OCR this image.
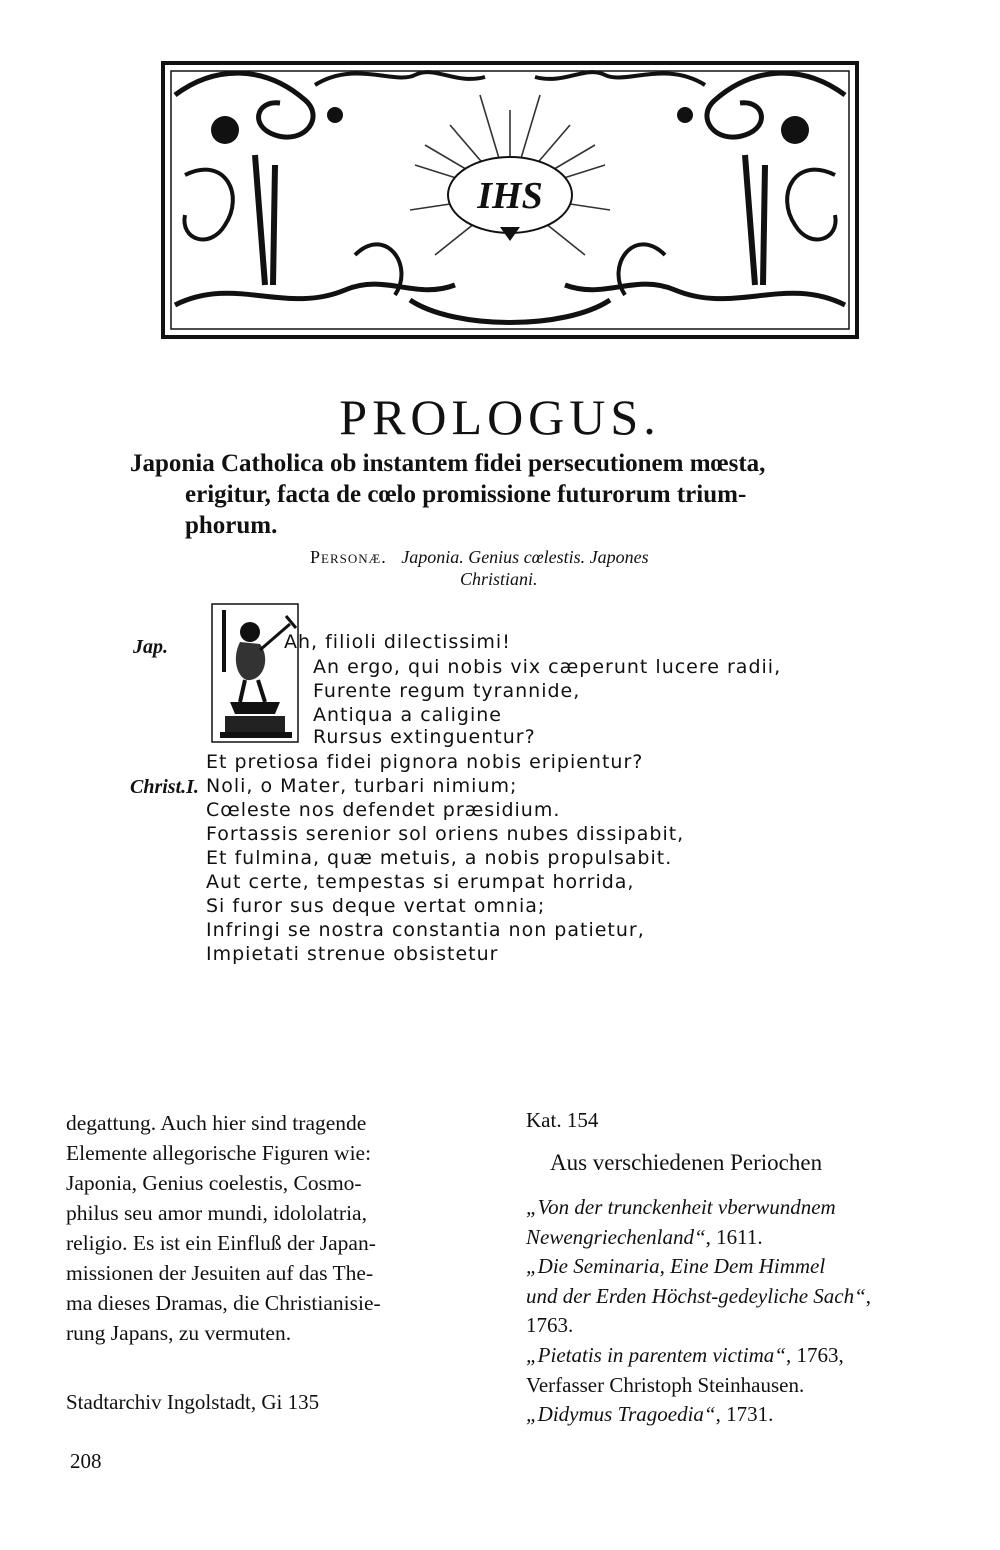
IHS
PROLOGUS.
Japonia Catholica ob instantem fidei persecutionem mœsta,
erigitur, facta de cœlo promissione futurorum trium-
phorum.
Personæ. Japonia. Genius cœlestis. Japones
Christiani.
Jap.
Christ.I.
Ah, filioli dilectissimi!
An ergo, qui nobis vix cæperunt lucere radii,
Furente regum tyrannide,
Antiqua a caligine
Rursus extinguentur?
Et pretiosa fidei pignora nobis eripientur?
Noli, o Mater, turbari nimium;
Cœleste nos defendet præsidium.
Fortassis serenior sol oriens nubes dissipabit,
Et fulmina, quæ metuis, a nobis propulsabit.
Aut certe, tempestas si erumpat horrida,
Si furor sus deque vertat omnia;
Infringi se nostra constantia non patietur,
Impietati strenue obsistetur
degattung. Auch hier sind tragende
Elemente allegorische Figuren wie:
Japonia, Genius coelestis, Cosmo-
philus seu amor mundi, idololatria,
religio. Es ist ein Einfluß der Japan-
missionen der Jesuiten auf das The-
ma dieses Dramas, die Christianisie-
rung Japans, zu vermuten.
Stadtarchiv Ingolstadt, Gi 135
Kat. 154
Aus verschiedenen Periochen
„Von der trunckenheit vberwundnem
Newengriechenland“, 1611.
„Die Seminaria, Eine Dem Himmel
und der Erden Höchst-gedeyliche Sach“,
1763.
„Pietatis in parentem victima“, 1763,
Verfasser Christoph Steinhausen.
„Didymus Tragoedia“, 1731.
208
